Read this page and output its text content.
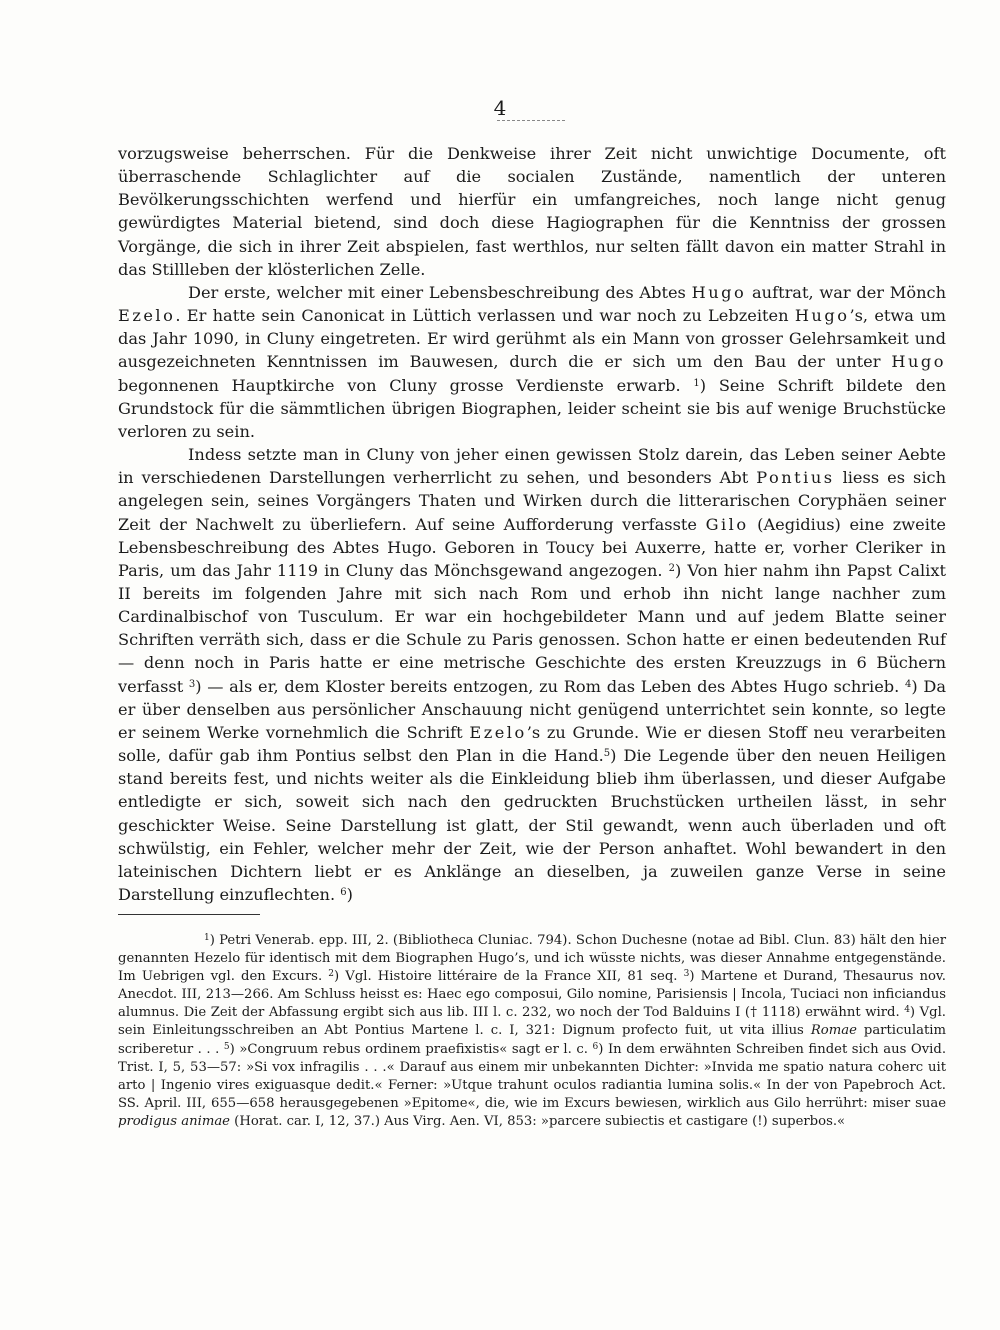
4

vorzugsweise beherrschen. Für die Denkweise ihrer Zeit nicht unwichtige Documente, oft überraschende Schlaglichter auf die socialen Zustände, namentlich der unteren Bevölkerungsschichten werfend und hierfür ein umfangreiches, noch lange nicht genug gewürdigtes Material bietend, sind doch diese Hagiographen für die Kenntniss der grossen Vorgänge, die sich in ihrer Zeit abspielen, fast werthlos, nur selten fällt davon ein matter Strahl in das Stillleben der klösterlichen Zelle.

Der erste, welcher mit einer Lebensbeschreibung des Abtes Hugo auftrat, war der Mönch Ezelo. Er hatte sein Canonicat in Lüttich verlassen und war noch zu Lebzeiten Hugo’s, etwa um das Jahr 1090, in Cluny eingetreten. Er wird gerühmt als ein Mann von grosser Gelehrsamkeit und ausgezeichneten Kenntnissen im Bauwesen, durch die er sich um den Bau der unter Hugo begonnenen Hauptkirche von Cluny grosse Verdienste erwarb. $^1$) Seine Schrift bildete den Grundstock für die sämmtlichen übrigen Biographen, leider scheint sie bis auf wenige Bruchstücke verloren zu sein.

Indess setzte man in Cluny von jeher einen gewissen Stolz darein, das Leben seiner Aebte in verschiedenen Darstellungen verherrlicht zu sehen, und besonders Abt Pontius liess es sich angelegen sein, seines Vorgängers Thaten und Wirken durch die litterarischen Coryphäen seiner Zeit der Nachwelt zu überliefern. Auf seine Aufforderung verfasste Gilo (Aegidius) eine zweite Lebensbeschreibung des Abtes Hugo. Geboren in Toucy bei Auxerre, hatte er, vorher Cleriker in Paris, um das Jahr 1119 in Cluny das Mönchsgewand angezogen. $^2$) Von hier nahm ihn Papst Calixt II bereits im folgenden Jahre mit sich nach Rom und erhob ihn nicht lange nachher zum Cardinalbischof von Tusculum. Er war ein hochgebildeter Mann und auf jedem Blatte seiner Schriften verräth sich, dass er die Schule zu Paris genossen. Schon hatte er einen bedeutenden Ruf — denn noch in Paris hatte er eine metrische Geschichte des ersten Kreuzzugs in 6 Büchern verfasst $^3$) — als er, dem Kloster bereits entzogen, zu Rom das Leben des Abtes Hugo schrieb. $^4$) Da er über denselben aus persönlicher Anschauung nicht genügend unterrichtet sein konnte, so legte er seinem Werke vornehmlich die Schrift Ezelo’s zu Grunde. Wie er diesen Stoff neu verarbeiten solle, dafür gab ihm Pontius selbst den Plan in die Hand.$^5$) Die Legende über den neuen Heiligen stand bereits fest, und nichts weiter als die Einkleidung blieb ihm überlassen, und dieser Aufgabe entledigte er sich, soweit sich nach den gedruckten Bruchstücken urtheilen lässt, in sehr geschickter Weise. Seine Darstellung ist glatt, der Stil gewandt, wenn auch überladen und oft schwülstig, ein Fehler, welcher mehr der Zeit, wie der Person anhaftet. Wohl bewandert in den lateinischen Dichtern liebt er es Anklänge an dieselben, ja zuweilen ganze Verse in seine Darstellung einzuflechten. $^6$)

$^1$) Petri Venerab. epp. III, 2. (Bibliotheca Cluniac. 794). Schon Duchesne (notae ad Bibl. Clun. 83) hält den hier genannten Hezelo für identisch mit dem Biographen Hugo’s, und ich wüsste nichts, was dieser Annahme entgegenstände. Im Uebrigen vgl. den Excurs. $^2$) Vgl. Histoire littéraire de la France XII, 81 seq. $^3$) Martene et Durand, Thesaurus nov. Anecdot. III, 213—266. Am Schluss heisst es: Haec ego composui, Gilo nomine, Parisiensis | Incola, Tuciaci non inficiandus alumnus. Die Zeit der Abfassung ergibt sich aus lib. III l. c. 232, wo noch der Tod Balduins I († 1118) erwähnt wird. $^4$) Vgl. sein Einleitungsschreiben an Abt Pontius Martene l. c. I, 321: Dignum profecto fuit, ut vita illius Romae particulatim scriberetur . . . $^5$) »Congruum rebus ordinem praefixistis« sagt er l. c. $^6$) In dem erwähnten Schreiben findet sich aus Ovid. Trist. I, 5, 53—57: »Si vox infragilis . . .« Darauf aus einem mir unbekannten Dichter: »Invida me spatio natura coherc uit arto | Ingenio vires exiguasque dedit.« Ferner: »Utque trahunt oculos radiantia lumina solis.« In der von Papebroch Act. SS. April. III, 655—658 herausgegebenen »Epitome«, die, wie im Excurs bewiesen, wirklich aus Gilo herrührt: miser suae prodigus animae (Horat. car. I, 12, 37.) Aus Virg. Aen. VI, 853: »parcere subiectis et castigare (!) superbos.«
